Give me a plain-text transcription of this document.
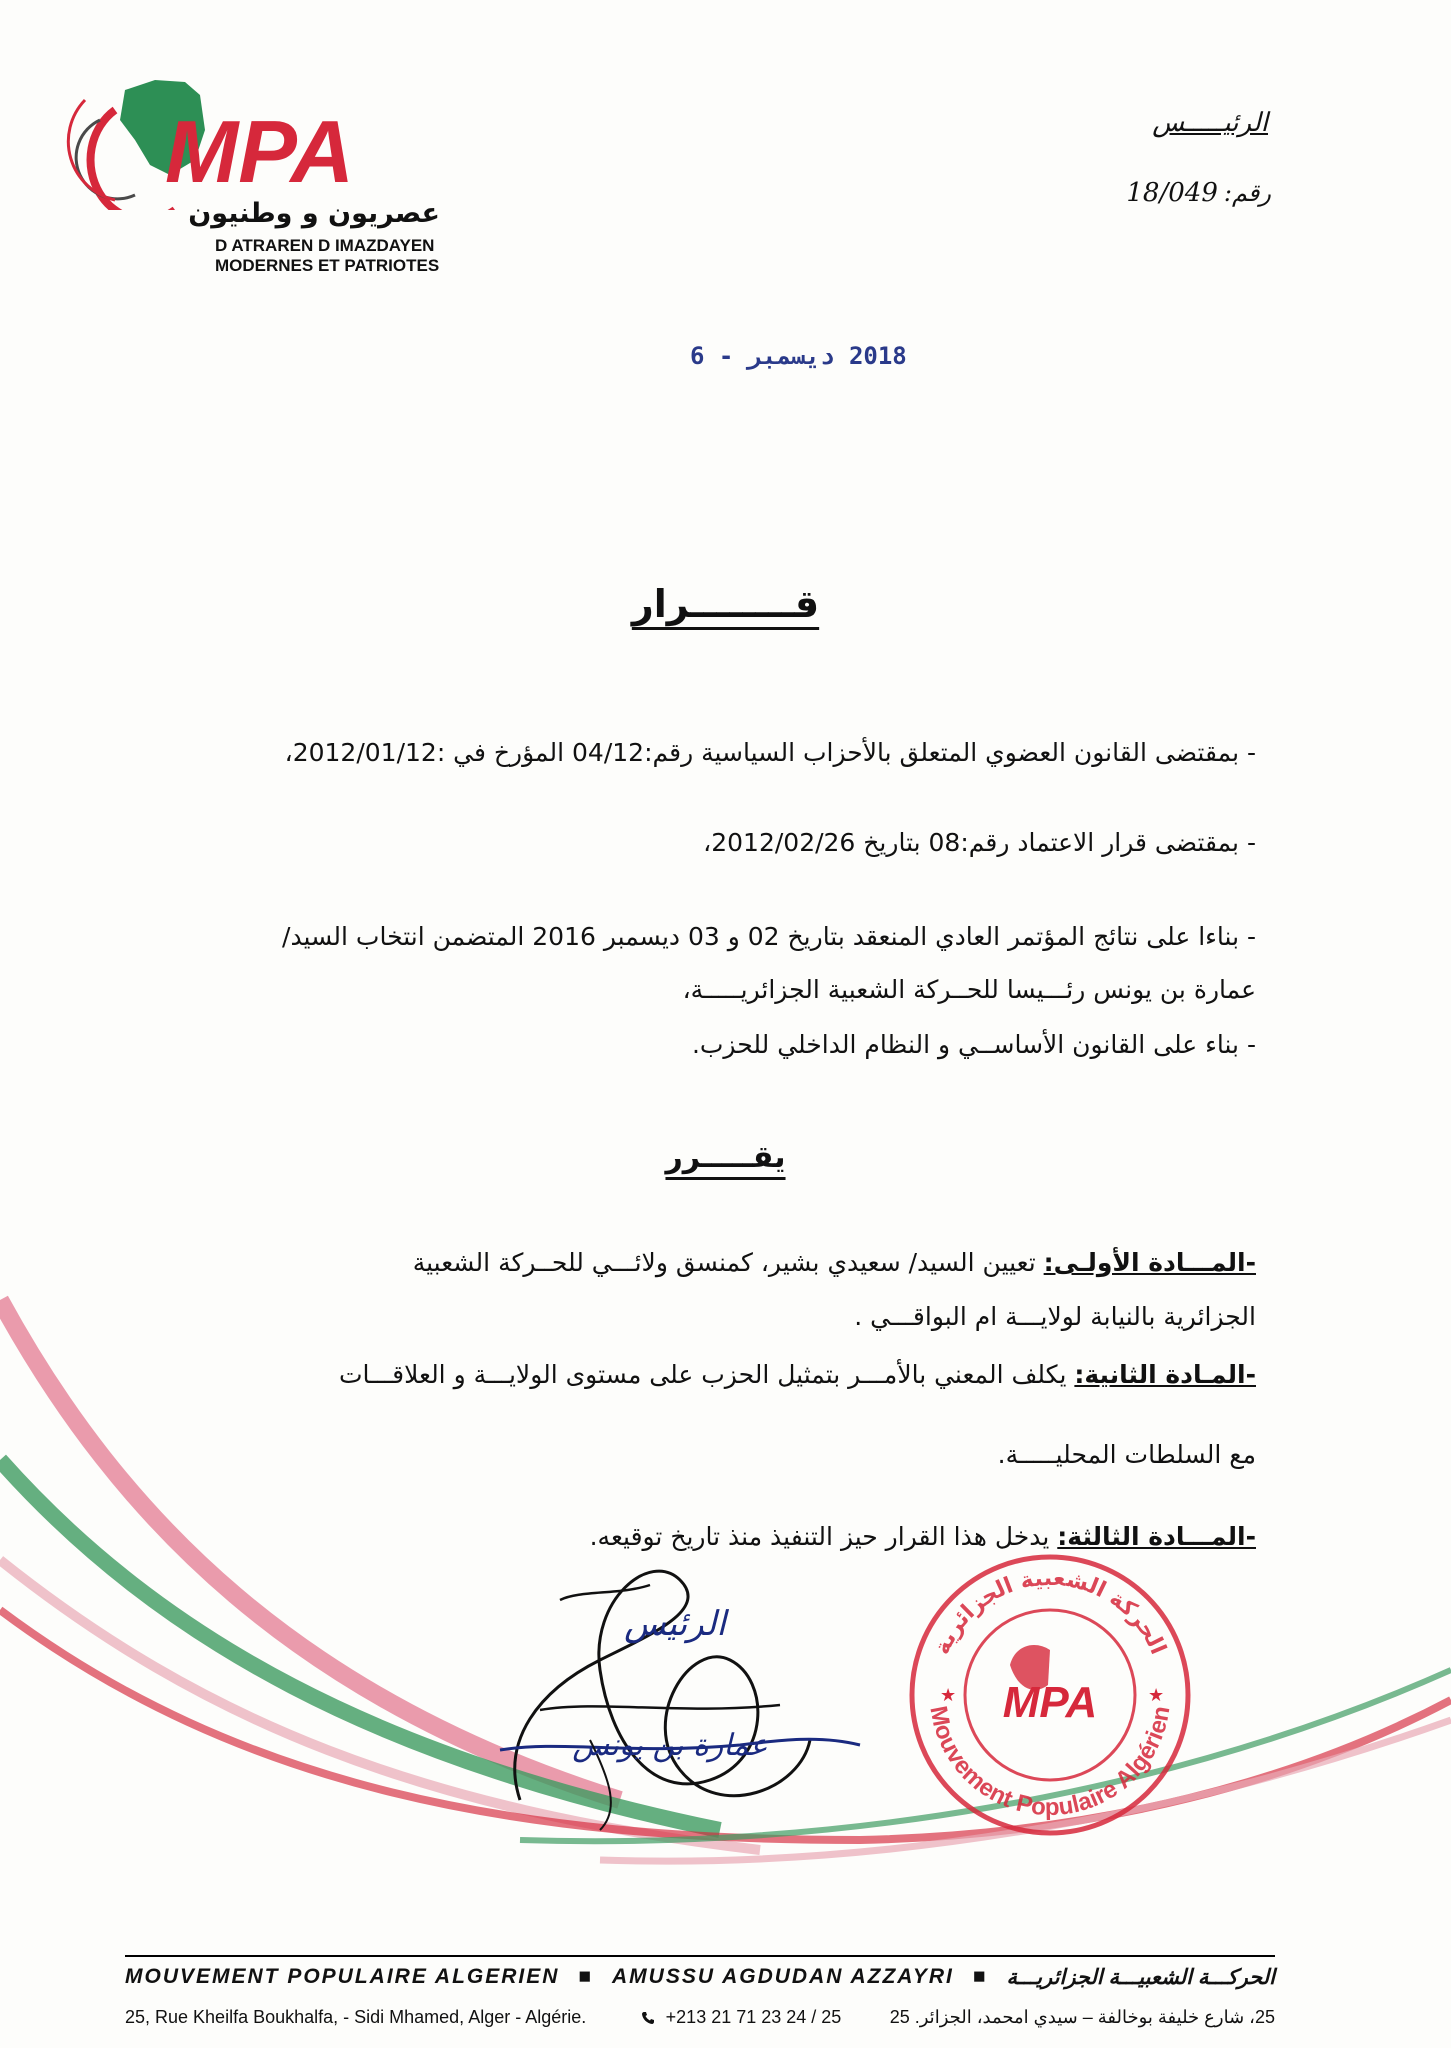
MPA
عصريون و وطنيون
D ATRAREN D IMAZDAYEN
MODERNES ET PATRIOTES
الرئيـــــس
رقم:
18/049
2018 ديسمبر - 6
قــــــــرار
- بمقتضى القانون العضوي المتعلق بالأحزاب السياسية رقم:04/12 المؤرخ في :2012/01/12،
- بمقتضى قرار الاعتماد رقم:08 بتاريخ 2012/02/26،
- بناءا على نتائج المؤتمر العادي المنعقد بتاريخ 02 و 03 ديسمبر 2016 المتضمن انتخاب السيد/
عمارة بن يونس رئـــيسا للحــركة الشعبية الجزائريـــــة،
- بناء على القانون الأساســي و النظام الداخلي للحزب.
يقـــــرر
-المـــادة الأولـى: تعيين السيد/ سعيدي بشير، كمنسق ولائـــي للحــركة الشعبية
الجزائرية بالنيابة لولايـــة ام البواقـــي .
-المـادة الثانية: يكلف المعني بالأمـــر بتمثيل الحزب على مستوى الولايـــة و العلاقـــات
مع السلطات المحليـــــة.
-المـــادة الثالثة: يدخل هذا القرار حيز التنفيذ منذ تاريخ توقيعه.
الرئيس
عمارة بن يونس
الحركة الشعبية الجزائرية
Mouvement Populaire Algérien
★	★
MPA
MOUVEMENT POPULAIRE ALGERIEN ■ AMUSSU AGDUDAN AZZAYRI ■ الحركـــة الشعبيـــة الجزائريـــة
25, Rue Kheilfa Boukhalfa, - Sidi Mhamed, Alger - Algérie.	+213 21 71 23 24 / 25	25، شارع خليفة بوخالفة – سيدي امحمد، الجزائر. 25
